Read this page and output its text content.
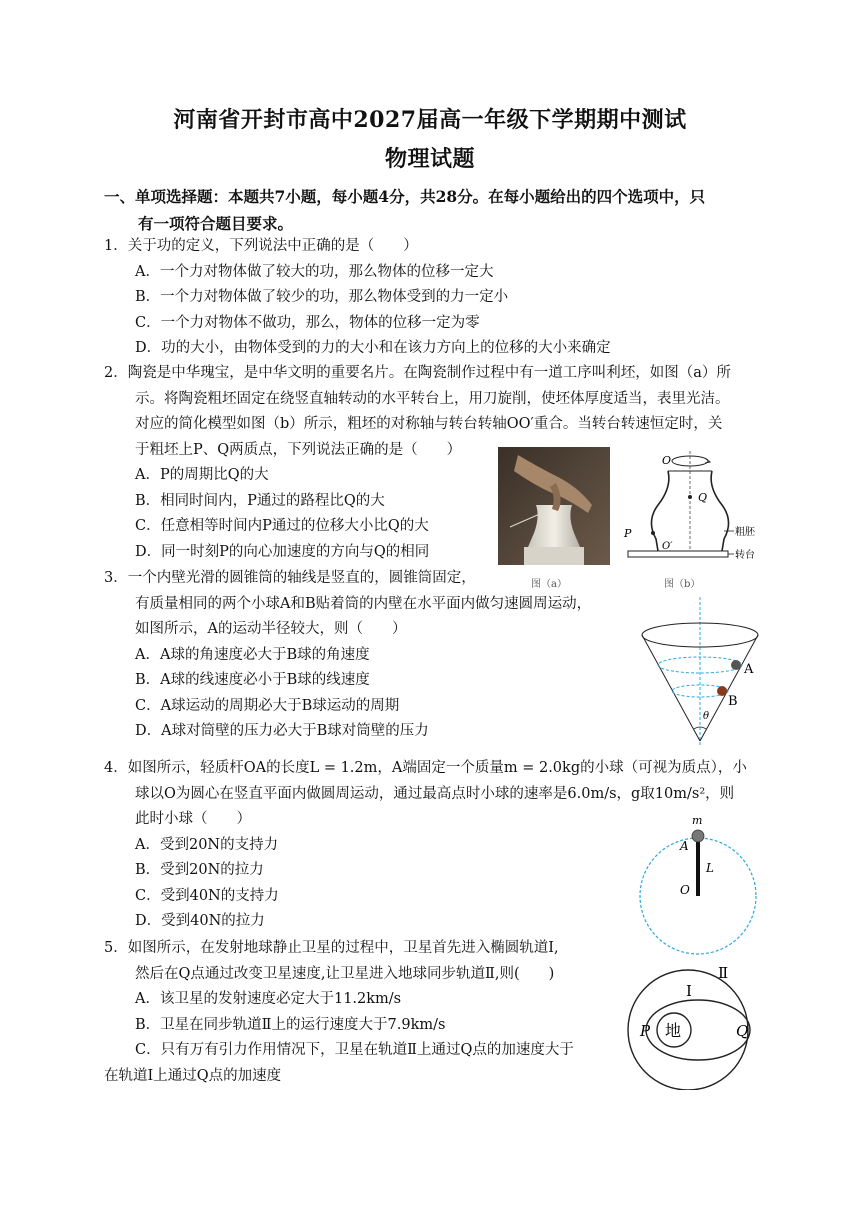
河南省开封市高中2027届高一年级下学期期中测试
物理试题
一、单项选择题：本题共7小题，每小题4分，共28分。在每小题给出的四个选项中，只
有一项符合题目要求。
1．关于功的定义，下列说法中正确的是（　　）
A．一个力对物体做了较大的功，那么物体的位移一定大
B．一个力对物体做了较少的功，那么物体受到的力一定小
C．一个力对物体不做功，那么，物体的位移一定为零
D．功的大小，由物体受到的力的大小和在该力方向上的位移的大小来确定
2．陶瓷是中华瑰宝，是中华文明的重要名片。在陶瓷制作过程中有一道工序叫利坯，如图（a）所
示。将陶瓷粗坯固定在绕竖直轴转动的水平转台上，用刀旋削，使坯体厚度适当，表里光洁。
对应的简化模型如图（b）所示，粗坯的对称轴与转台转轴OO′重合。当转台转速恒定时，关
于粗坯上P、Q两质点，下列说法正确的是（　　）
A．P的周期比Q的大
B．相同时间内，P通过的路程比Q的大
C．任意相等时间内P通过的位移大小比Q的大
D．同一时刻P的向心加速度的方向与Q的相同
图（a）
O
Q
P
O′
粗胚
转台
图（b）
3．一个内壁光滑的圆锥筒的轴线是竖直的，圆锥筒固定，
有质量相同的两个小球A和B贴着筒的内壁在水平面内做匀速圆周运动，
如图所示，A的运动半径较大，则（　　）
A．A球的角速度必大于B球的角速度
B．A球的线速度必小于B球的线速度
C．A球运动的周期必大于B球运动的周期
D．A球对筒壁的压力必大于B球对筒壁的压力
A
B
θ
4．如图所示，轻质杆OA的长度L = 1.2m，A端固定一个质量m = 2.0kg的小球（可视为质点），小
球以O为圆心在竖直平面内做圆周运动，通过最高点时小球的速率是6.0m/s，g取10m/s²，则
此时小球（　　）
A．受到20N的支持力
B．受到20N的拉力
C．受到40N的支持力
D．受到40N的拉力
m
A
L
O
5．如图所示，在发射地球静止卫星的过程中，卫星首先进入椭圆轨道Ⅰ,
然后在Q点通过改变卫星速度,让卫星进入地球同步轨道Ⅱ,则(　　)
A．该卫星的发射速度必定大于11.2km/s
B．卫星在同步轨道Ⅱ上的运行速度大于7.9km/s
C．只有万有引力作用情况下，卫星在轨道Ⅱ上通过Q点的加速度大于
在轨道Ⅰ上通过Q点的加速度
Ⅱ
Ⅰ
地
P	Q
